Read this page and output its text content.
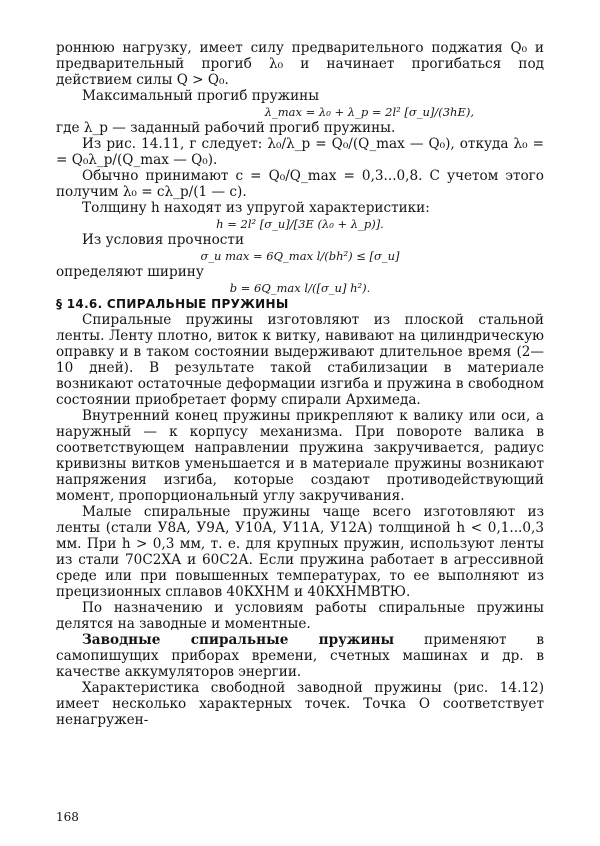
роннюю нагрузку, имеет силу предварительного поджатия Q₀ и предварительный прогиб λ₀ и начинает прогибаться под действием силы Q > Q₀.

Максимальный прогиб пружины

λ_max = λ₀ + λ_p = 2l² [σ_и]/(3hE),

где λ_p — заданный рабочий прогиб пружины.

Из рис. 14.11, г следует: λ₀/λ_p = Q₀/(Q_max — Q₀), откуда λ₀ = = Q₀λ_p/(Q_max — Q₀).

Обычно принимают c = Q₀/Q_max = 0,3...0,8. С учетом этого получим λ₀ = cλ_p/(1 — c).

Толщину h находят из упругой характеристики:

h = 2l² [σ_и]/[3E (λ₀ + λ_p)].

Из условия прочности

σ_и max = 6Q_max l/(bh²) ≤ [σ_и]

определяют ширину

b = 6Q_max l/([σ_и] h²).

§ 14.6. СПИРАЛЬНЫЕ ПРУЖИНЫ

Спиральные пружины изготовляют из плоской стальной ленты. Ленту плотно, виток к витку, навивают на цилиндрическую оправку и в таком состоянии выдерживают длительное время (2—10 дней). В результате такой стабилизации в материале возникают остаточные деформации изгиба и пружина в свободном состоянии приобретает форму спирали Архимеда.

Внутренний конец пружины прикрепляют к валику или оси, а наружный — к корпусу механизма. При повороте валика в соответствующем направлении пружина закручивается, радиус кривизны витков уменьшается и в материале пружины возникают напряжения изгиба, которые создают противодействующий момент, пропорциональный углу закручивания.

Малые спиральные пружины чаще всего изготовляют из ленты (стали У8А, У9А, У10А, У11А, У12А) толщиной h < 0,1...0,3 мм. При h > 0,3 мм, т. е. для крупных пружин, используют ленты из стали 70С2ХА и 60С2А. Если пружина работает в агрессивной среде или при повышенных температурах, то ее выполняют из прецизионных сплавов 40КХНМ и 40КХНМВТЮ.

По назначению и условиям работы спиральные пружины делятся на заводные и моментные.

Заводные спиральные пружины применяют в самопишущих приборах времени, счетных машинах и др. в качестве аккумуляторов энергии.

Характеристика свободной заводной пружины (рис. 14.12) имеет несколько характерных точек. Точка O соответствует ненагружен-

168
